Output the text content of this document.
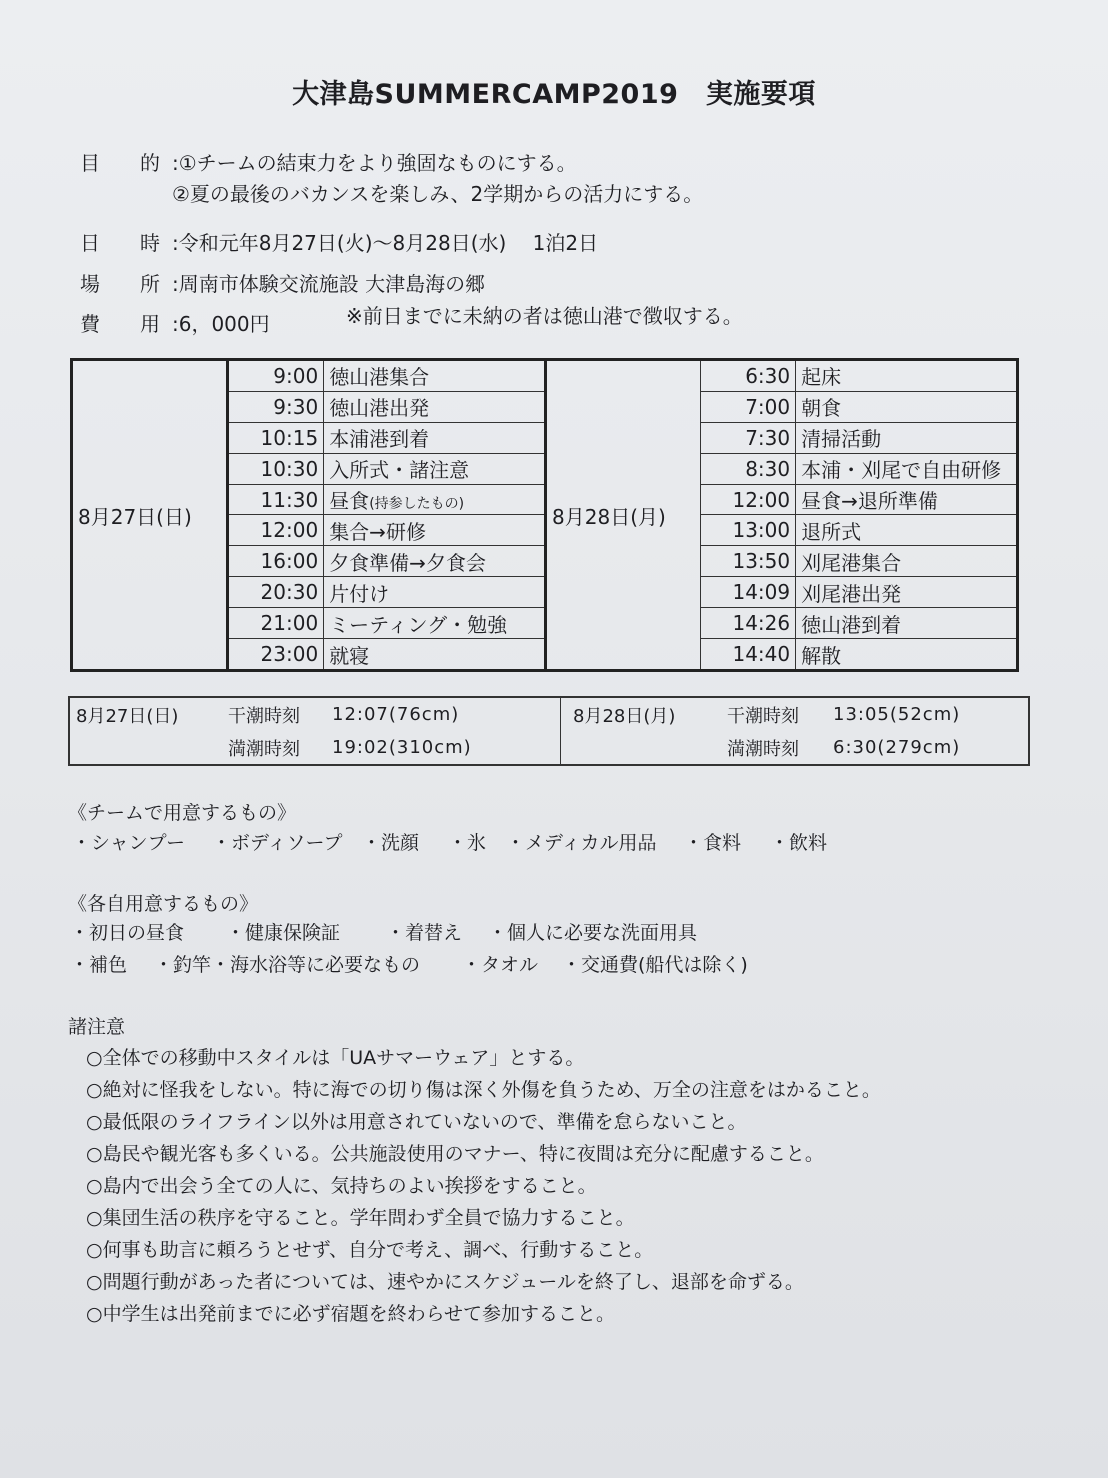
大津島SUMMERCAMP2019　実施要項
目　　的 :①チームの結束力をより強固なものにする。
②夏の最後のバカンスを楽しみ、2学期からの活力にする。
日　　時 :令和元年8月27日(火)～8月28日(水)　 1泊2日
場　　所 :周南市体験交流施設 大津島海の郷
費　　用 :6，000円	※前日までに未納の者は徳山港で徴収する。
8月27日(日)	9:00	徳山港集合	8月28日(月)	6:30	起床
	9:30	徳山港出発		7:00	朝食
	10:15	本浦港到着		7:30	清掃活動
	10:30	入所式・諸注意		8:30	本浦・刈尾で自由研修
	11:30	昼食(持参したもの)		12:00	昼食→退所準備
	12:00	集合→研修		13:00	退所式
	16:00	夕食準備→夕食会		13:50	刈尾港集合
	20:30	片付け		14:09	刈尾港出発
	21:00	ミーティング・勉強		14:26	徳山港到着
	23:00	就寝		14:40	解散
8月27日(日)	干潮時刻	12:07(76cm)	8月28日(月)	干潮時刻	13:05(52cm)
	満潮時刻	19:02(310cm)		満潮時刻	6:30(279cm)
《チームで用意するもの》
・シャンプー ・ボディソープ ・洗顔 ・氷 ・メディカル用品 ・食料 ・飲料
《各自用意するもの》
・初日の昼食 ・健康保険証 ・着替え ・個人に必要な洗面用具
・補色 ・釣竿・海水浴等に必要なもの ・タオル ・交通費(船代は除く)
諸注意
○全体での移動中スタイルは「UAサマーウェア」とする。
○絶対に怪我をしない。特に海での切り傷は深く外傷を負うため、万全の注意をはかること。
○最低限のライフライン以外は用意されていないので、準備を怠らないこと。
○島民や観光客も多くいる。公共施設使用のマナー、特に夜間は充分に配慮すること。
○島内で出会う全ての人に、気持ちのよい挨拶をすること。
○集団生活の秩序を守ること。学年問わず全員で協力すること。
○何事も助言に頼ろうとせず、自分で考え、調べ、行動すること。
○問題行動があった者については、速やかにスケジュールを終了し、退部を命ずる。
○中学生は出発前までに必ず宿題を終わらせて参加すること。
